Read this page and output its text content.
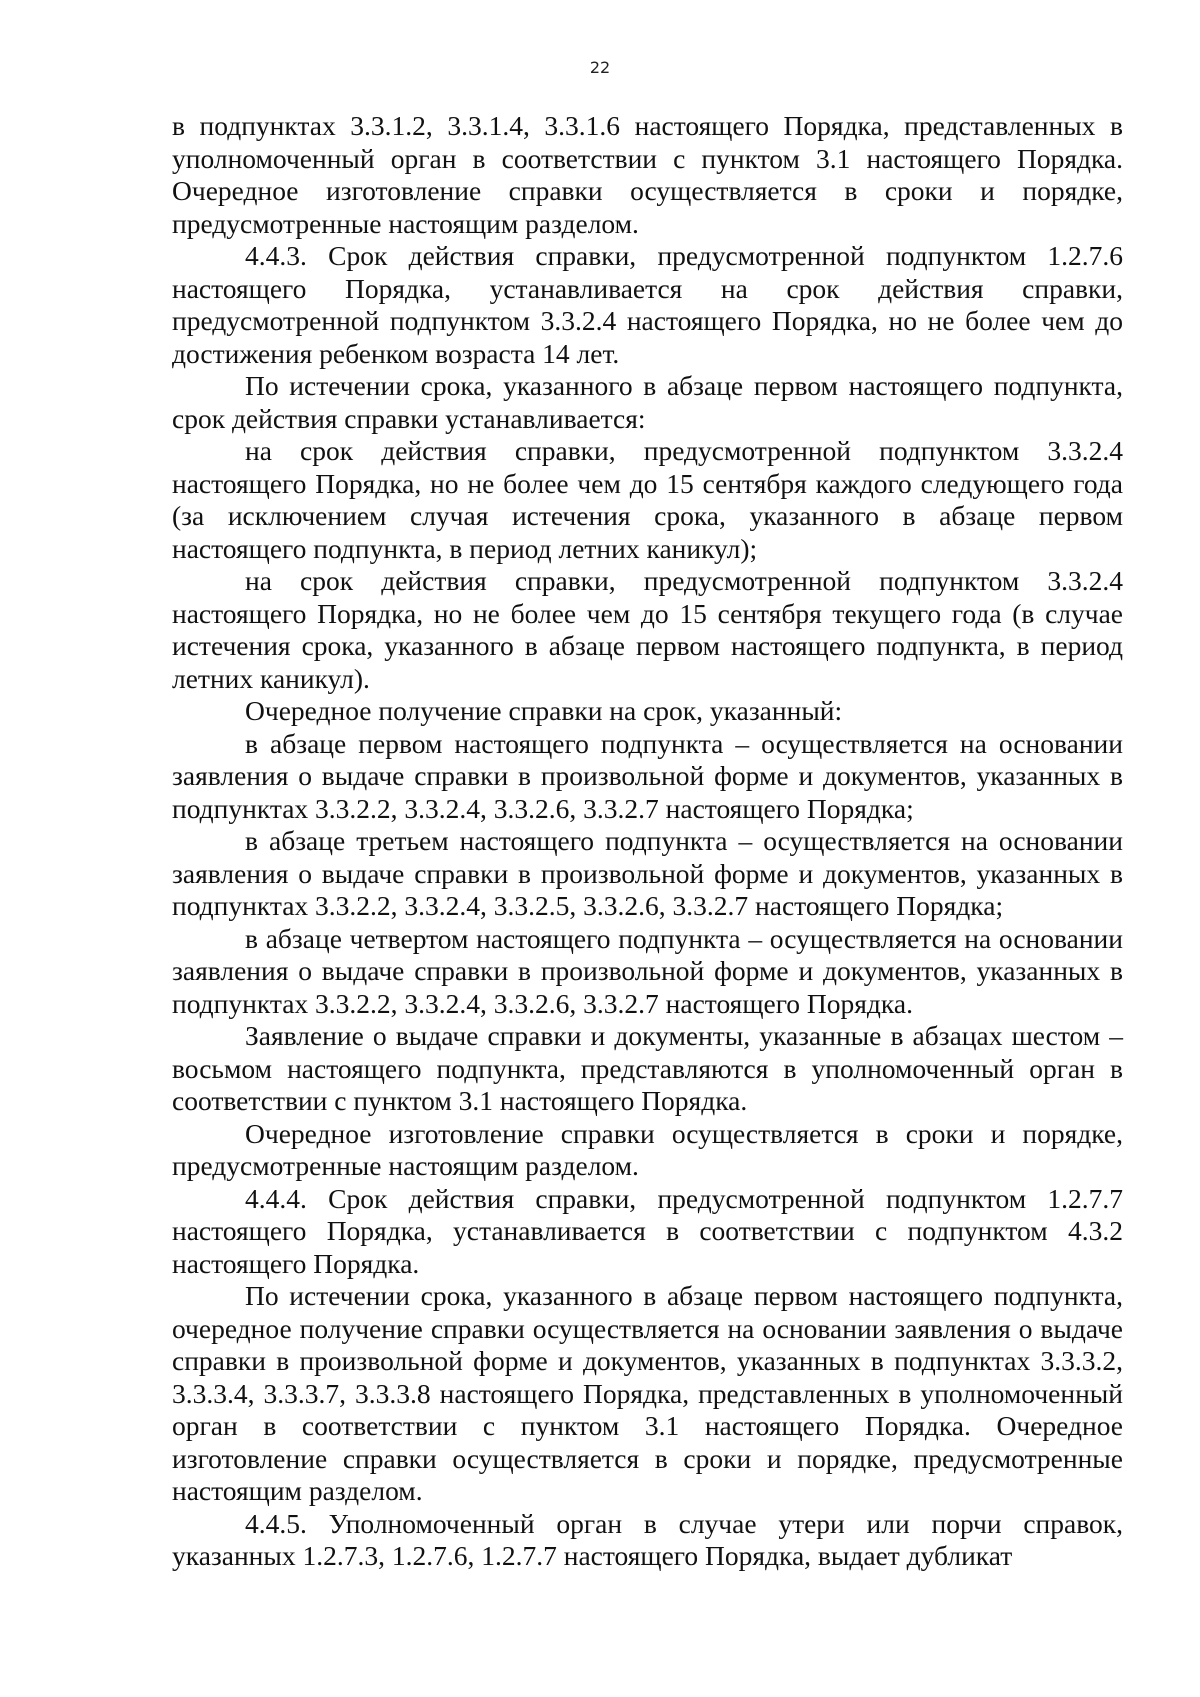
22

в подпунктах 3.3.1.2, 3.3.1.4, 3.3.1.6 настоящего Порядка, представленных в уполномоченный орган в соответствии с пунктом 3.1 настоящего Порядка. Очередное изготовление справки осуществляется в сроки и порядке, предусмотренные настоящим разделом.

4.4.3. Срок действия справки, предусмотренной подпунктом 1.2.7.6 настоящего Порядка, устанавливается на срок действия справки, предусмотренной подпунктом 3.3.2.4 настоящего Порядка, но не более чем до достижения ребенком возраста 14 лет.

По истечении срока, указанного в абзаце первом настоящего подпункта, срок действия справки устанавливается:

на срок действия справки, предусмотренной подпунктом 3.3.2.4 настоящего Порядка, но не более чем до 15 сентября каждого следующего года (за исключением случая истечения срока, указанного в абзаце первом настоящего подпункта, в период летних каникул);

на срок действия справки, предусмотренной подпунктом 3.3.2.4 настоящего Порядка, но не более чем до 15 сентября текущего года (в случае истечения срока, указанного в абзаце первом настоящего подпункта, в период летних каникул).

Очередное получение справки на срок, указанный:

в абзаце первом настоящего подпункта – осуществляется на основании заявления о выдаче справки в произвольной форме и документов, указанных в подпунктах 3.3.2.2, 3.3.2.4, 3.3.2.6, 3.3.2.7 настоящего Порядка;

в абзаце третьем настоящего подпункта – осуществляется на основании заявления о выдаче справки в произвольной форме и документов, указанных в подпунктах 3.3.2.2, 3.3.2.4, 3.3.2.5, 3.3.2.6, 3.3.2.7 настоящего Порядка;

в абзаце четвертом настоящего подпункта – осуществляется на основании заявления о выдаче справки в произвольной форме и документов, указанных в подпунктах 3.3.2.2, 3.3.2.4, 3.3.2.6, 3.3.2.7 настоящего Порядка.

Заявление о выдаче справки и документы, указанные в абзацах шестом – восьмом настоящего подпункта, представляются в уполномоченный орган в соответствии с пунктом 3.1 настоящего Порядка.

Очередное изготовление справки осуществляется в сроки и порядке, предусмотренные настоящим разделом.

4.4.4. Срок действия справки, предусмотренной подпунктом 1.2.7.7 настоящего Порядка, устанавливается в соответствии с подпунктом 4.3.2 настоящего Порядка.

По истечении срока, указанного в абзаце первом настоящего подпункта, очередное получение справки осуществляется на основании заявления о выдаче справки в произвольной форме и документов, указанных в подпунктах 3.3.3.2, 3.3.3.4, 3.3.3.7, 3.3.3.8 настоящего Порядка, представленных в уполномоченный орган в соответствии с пунктом 3.1 настоящего Порядка. Очередное изготовление справки осуществляется в сроки и порядке, предусмотренные настоящим разделом.

4.4.5. Уполномоченный орган в случае утери или порчи справок, указанных 1.2.7.3, 1.2.7.6, 1.2.7.7 настоящего Порядка, выдает дубликат
